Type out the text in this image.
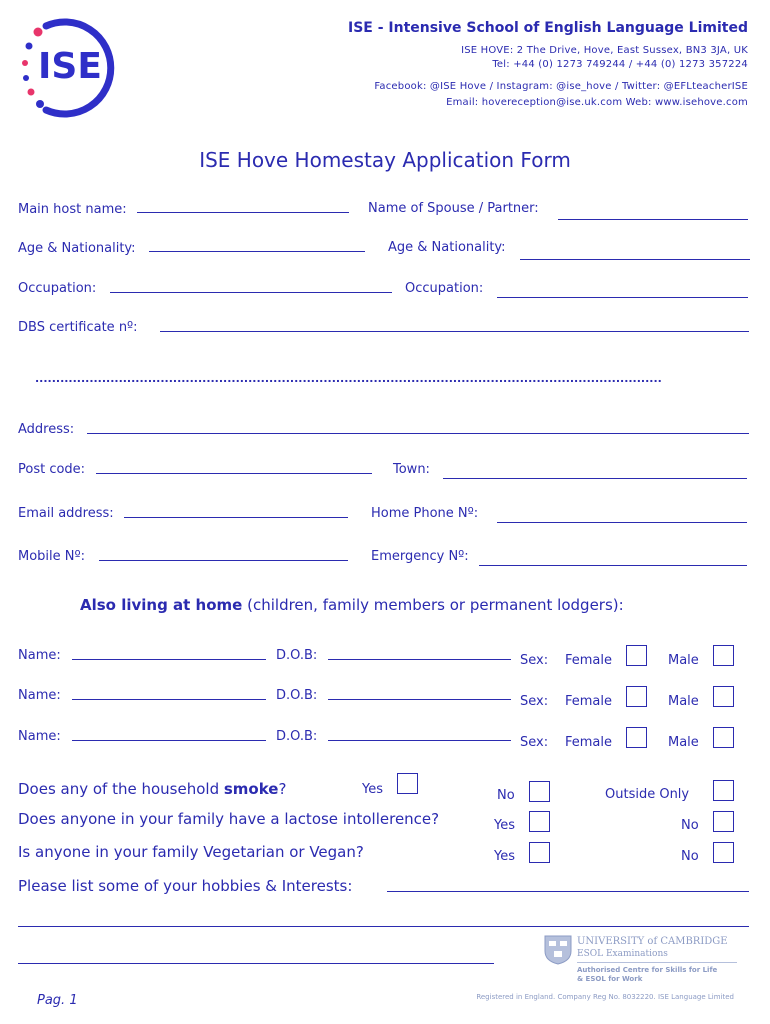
ISE
ISE - Intensive School of English Language Limited
ISE HOVE: 2 The Drive, Hove, East Sussex, BN3 3JA, UK
Tel: +44 (0) 1273 749244 / +44 (0) 1273 357224
Facebook: @ISE Hove / Instagram: @ise_hove / Twitter: @EFLteacherISE
Email: hovereception@ise.uk.com Web: www.isehove.com
ISE Hove Homestay Application Form
Main host name:	Name of Spouse / Partner:
Age & Nationality:	Age & Nationality:
Occupation:	Occupation:
DBS certificate nº:
......................................................................................................................................................
Address:
Post code:	Town:
Email address:	Home Phone Nº:
Mobile Nº:	Emergency Nº:
Also living at home (children, family members or permanent lodgers):
Name:	D.O.B:	Sex: Female	Male
Name:	D.O.B:	Sex: Female	Male
Name:	D.O.B:	Sex: Female	Male
Does any of the household smoke?	Yes	No	Outside Only
Does anyone in your family have a lactose intollerence?	Yes	No
Is anyone in your family Vegetarian or Vegan?	Yes	No
Please list some of your hobbies & Interests:
UNIVERSITY of CAMBRIDGE
ESOL Examinations
Authorised Centre for Skills for Life
& ESOL for Work
Pag. 1	Registered in England. Company Reg No. 8032220. ISE Language Limited
